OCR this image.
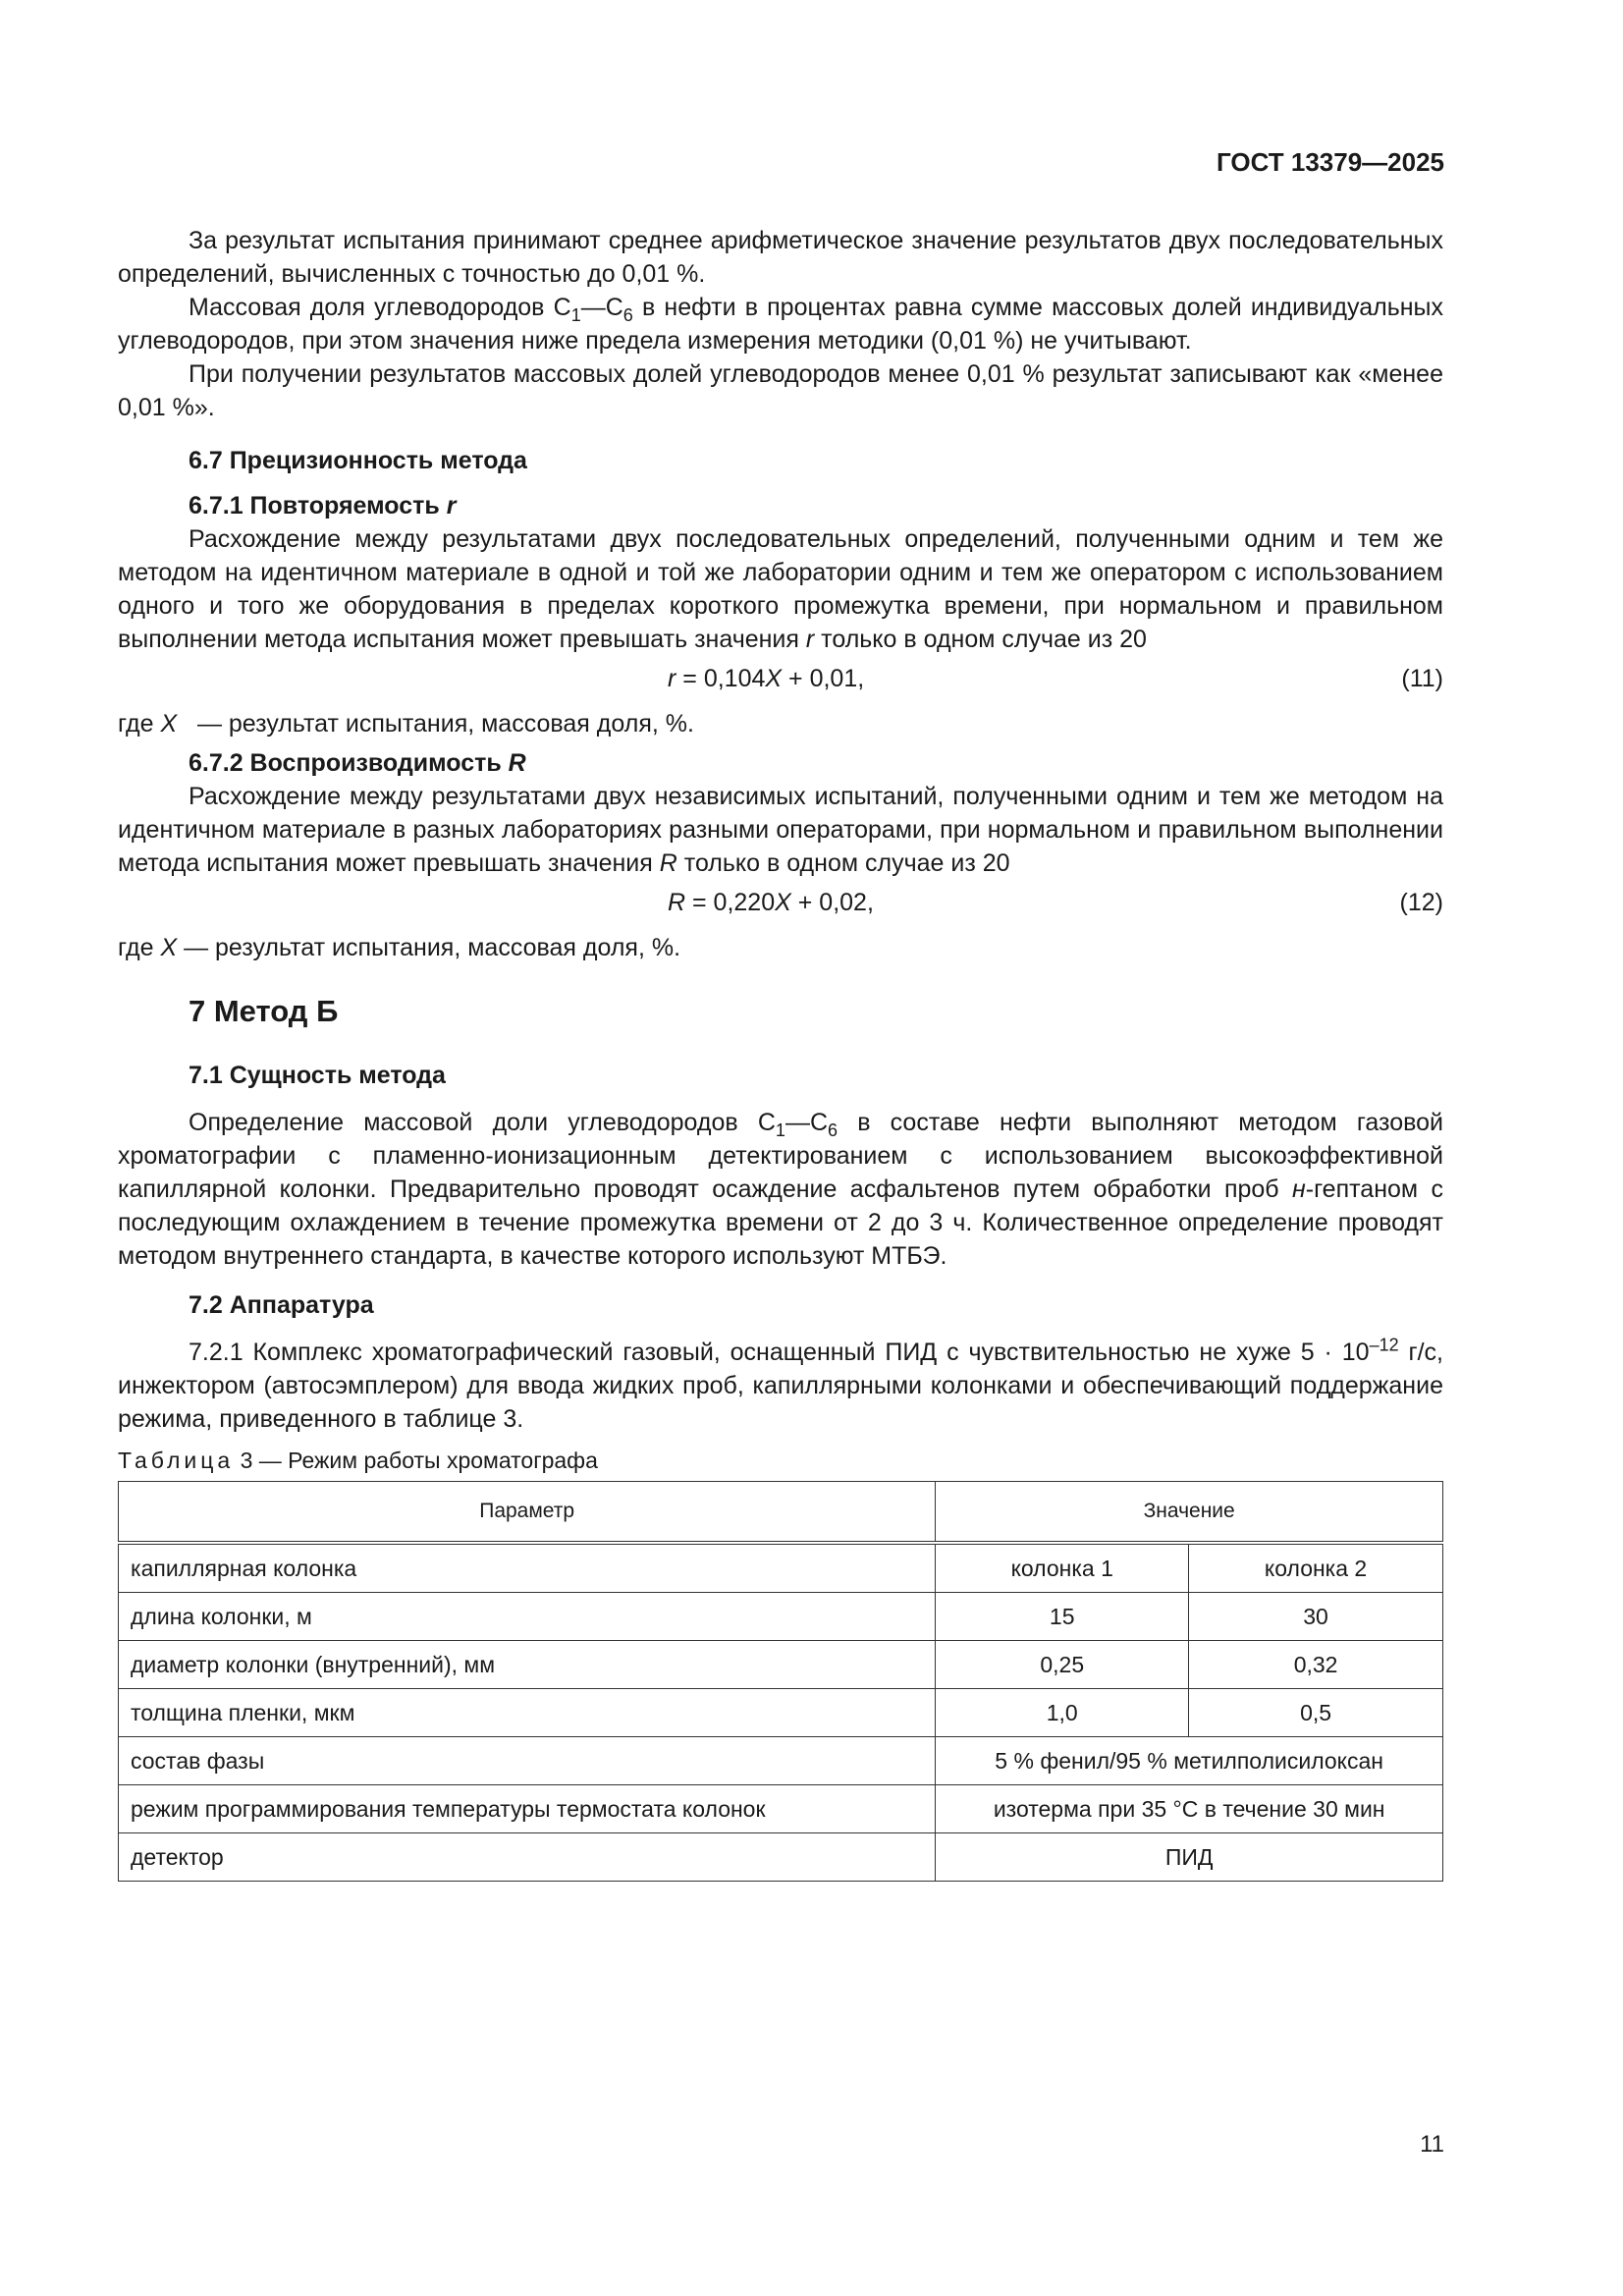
ГОСТ 13379—2025

За результат испытания принимают среднее арифметическое значение результатов двух последовательных определений, вычисленных с точностью до 0,01 %.

Массовая доля углеводородов $С_1—С_6$ в нефти в процентах равна сумме массовых долей индивидуальных углеводородов, при этом значения ниже предела измерения методики (0,01 %) не учитывают.

При получении результатов массовых долей углеводородов менее 0,01 % результат записывают как «менее 0,01 %».

6.7 Прецизионность метода
6.7.1 Повторяемость r

Расхождение между результатами двух последовательных определений, полученными одним и тем же методом на идентичном материале в одной и той же лаборатории одним и тем же оператором с использованием одного и того же оборудования в пределах короткого промежутка времени, при нормальном и правильном выполнении метода испытания может превышать значения r только в одном случае из 20

r = 0,104X + 0,01,	(11)
где X   — результат испытания, массовая доля, %.
6.7.2 Воспроизводимость R

Расхождение между результатами двух независимых испытаний, полученными одним и тем же методом на идентичном материале в разных лабораториях разными операторами, при нормальном и правильном выполнении метода испытания может превышать значения R только в одном случае из 20

R = 0,220X + 0,02,	(12)
где X — результат испытания, массовая доля, %.
7 Метод Б
7.1 Сущность метода

Определение массовой доли углеводородов $С_1—С_6$ в составе нефти выполняют методом газовой хроматографии с пламенно-ионизационным детектированием с использованием высокоэффективной капиллярной колонки. Предварительно проводят осаждение асфальтенов путем обработки проб н-гептаном с последующим охлаждением в течение промежутка времени от 2 до 3 ч. Количественное определение проводят методом внутреннего стандарта, в качестве которого используют МТБЭ.

7.2 Аппаратура

7.2.1 Комплекс хроматографический газовый, оснащенный ПИД с чувствительностью не хуже $5 \cdot 10^{-12}$ г/с, инжектором (автосэмплером) для ввода жидких проб, капиллярными колонками и обеспечивающий поддержание режима, приведенного в таблице 3.

Таблица 3 — Режим работы хроматографа
Параметр	Значение	
капиллярная колонка	колонка 1	колонка 2
длина колонки, м	15	30
диаметр колонки (внутренний), мм	0,25	0,32
толщина пленки, мкм	1,0	0,5
состав фазы	5 % фенил/95 % метилполисилоксан	
режим программирования температуры термостата колонок	изотерма при 35 °С в течение 30 мин	
детектор	ПИД	
11
